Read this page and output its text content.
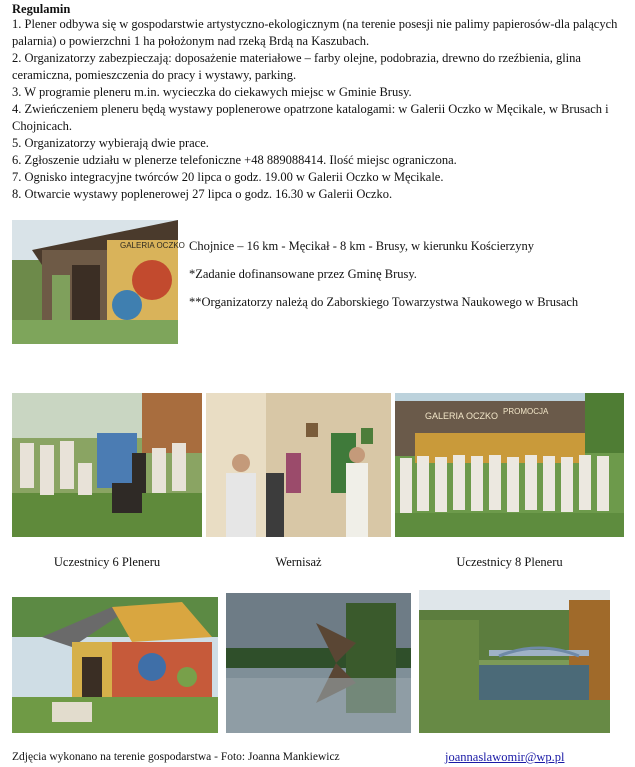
Regulamin
1. Plener odbywa się w gospodarstwie artystyczno-ekologicznym (na terenie posesji nie palimy papierosów-dla palących palarnia) o powierzchni 1 ha położonym nad rzeką Brdą na Kaszubach.
2. Organizatorzy zabezpieczają: doposażenie materiałowe – farby olejne, podobrazia, drewno do rzeźbienia, glina ceramiczna, pomieszczenia do pracy i wystawy, parking.
3. W programie pleneru m.in. wycieczka do ciekawych miejsc w Gminie Brusy.
4. Zwieńczeniem pleneru będą wystawy poplenerowe opatrzone katalogami: w Galerii Oczko w Męcikale, w Brusach i Chojnicach.
5. Organizatorzy wybierają dwie prace.
6. Zgłoszenie udziału w plenerze telefoniczne +48 889088414. Ilość miejsc ograniczona.
7. Ognisko integracyjne twórców 20 lipca o godz. 19.00 w Galerii Oczko w Męcikale.
8. Otwarcie wystawy poplenerowej 27 lipca o godz. 16.30 w Galerii Oczko.
GALERIA OCZKO Chojnice – 16 km - Męcikał - 8 km - Brusy, w kierunku Kościerzyny

*Zadanie dofinansowane przez Gminę Brusy.

**Organizatorzy należą do Zaborskiego Towarzystwa Naukowego w Brusach

GALERIA OCZKO PROMOCJA
Uczestnicy 6 Pleneru	Wernisaż	Uczestnicy 8 Pleneru
Zdjęcia wykonano na terenie gospodarstwa - Foto: Joanna Mankiewicz	joannaslawomir@wp.pl
